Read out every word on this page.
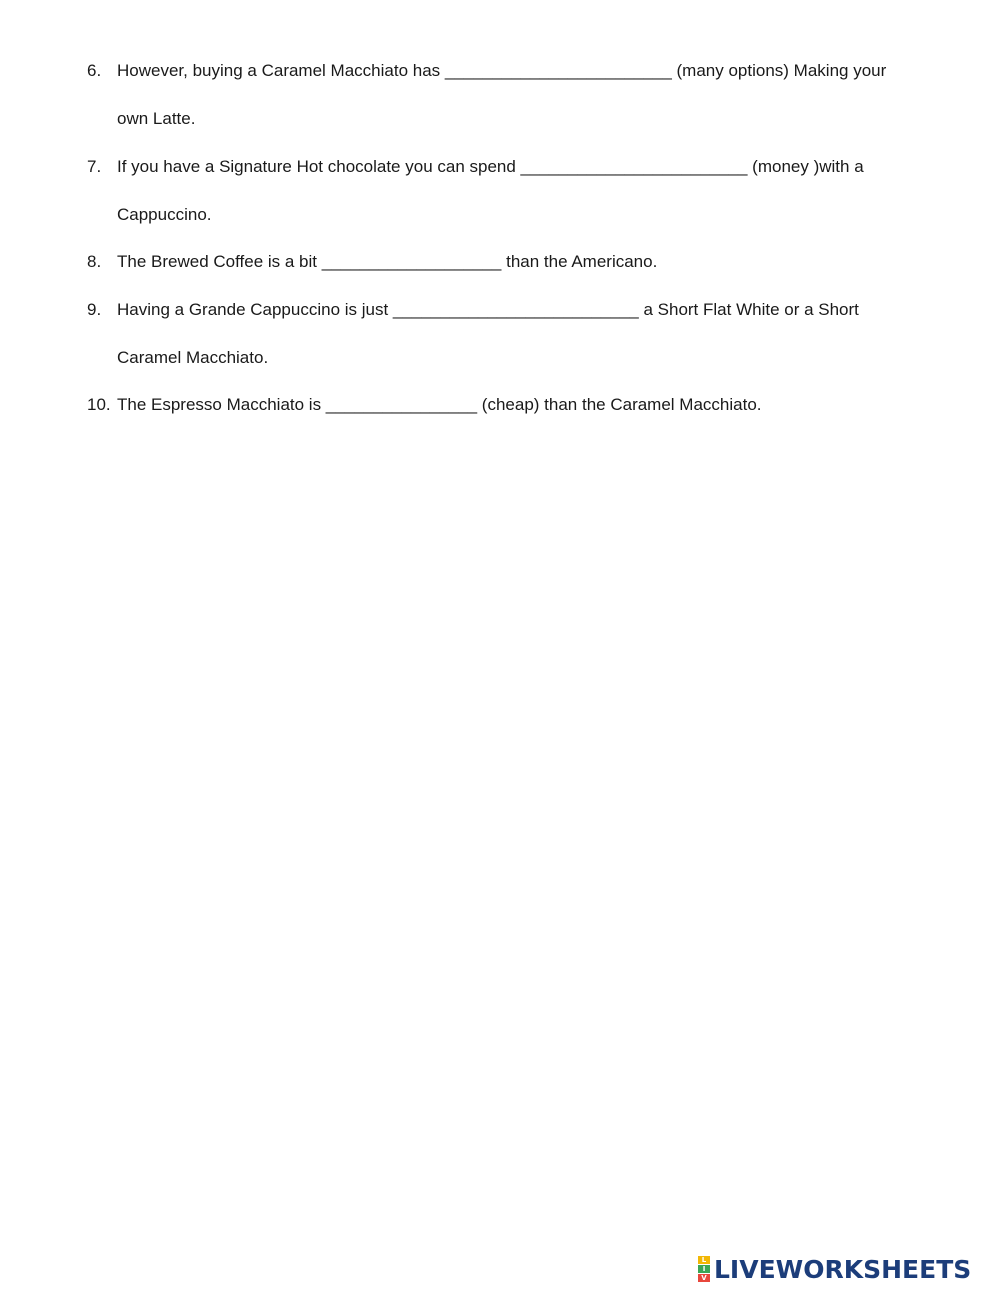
6. However, buying a Caramel Macchiato has ________________________ (many options) Making your
own Latte.
7. If you have a Signature Hot chocolate you can spend ________________________ (money )with a
Cappuccino.
8. The Brewed Coffee is a bit ___________________ than the Americano.
9. Having a Grande Cappuccino is just __________________________ a Short Flat White or a Short
Caramel Macchiato.
10. The Espresso Macchiato is ________________ (cheap) than the Caramel Macchiato.
L
I
V LIVEWORKSHEETS
